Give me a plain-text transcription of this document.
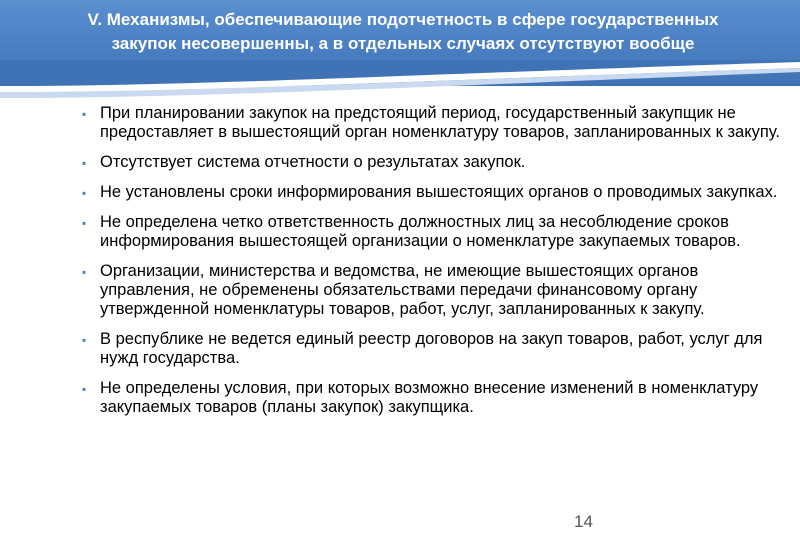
V. Механизмы, обеспечивающие подотчетность в сфере государственных
закупок несовершенны, а в отдельных случаях отсутствуют вообще
▪ При планировании закупок на предстоящий период, государственный закупщик не предоставляет в вышестоящий орган номенклатуру товаров, запланированных к закупу.
▪ Отсутствует система отчетности о результатах закупок.
▪ Не установлены сроки информирования вышестоящих органов о проводимых закупках.
▪ Не определена четко ответственность должностных лиц за несоблюдение сроков информирования вышестоящей организации о номенклатуре закупаемых товаров.
▪ Организации, министерства и ведомства, не имеющие вышестоящих органов управления, не обременены обязательствами передачи финансовому органу утвержденной номенклатуры товаров, работ, услуг, запланированных к закупу.
▪ В республике не ведется единый реестр договоров на закуп товаров, работ, услуг для нужд государства.
▪ Не определены условия, при которых возможно внесение изменений в номенклатуру закупаемых товаров (планы закупок) закупщика.
14
